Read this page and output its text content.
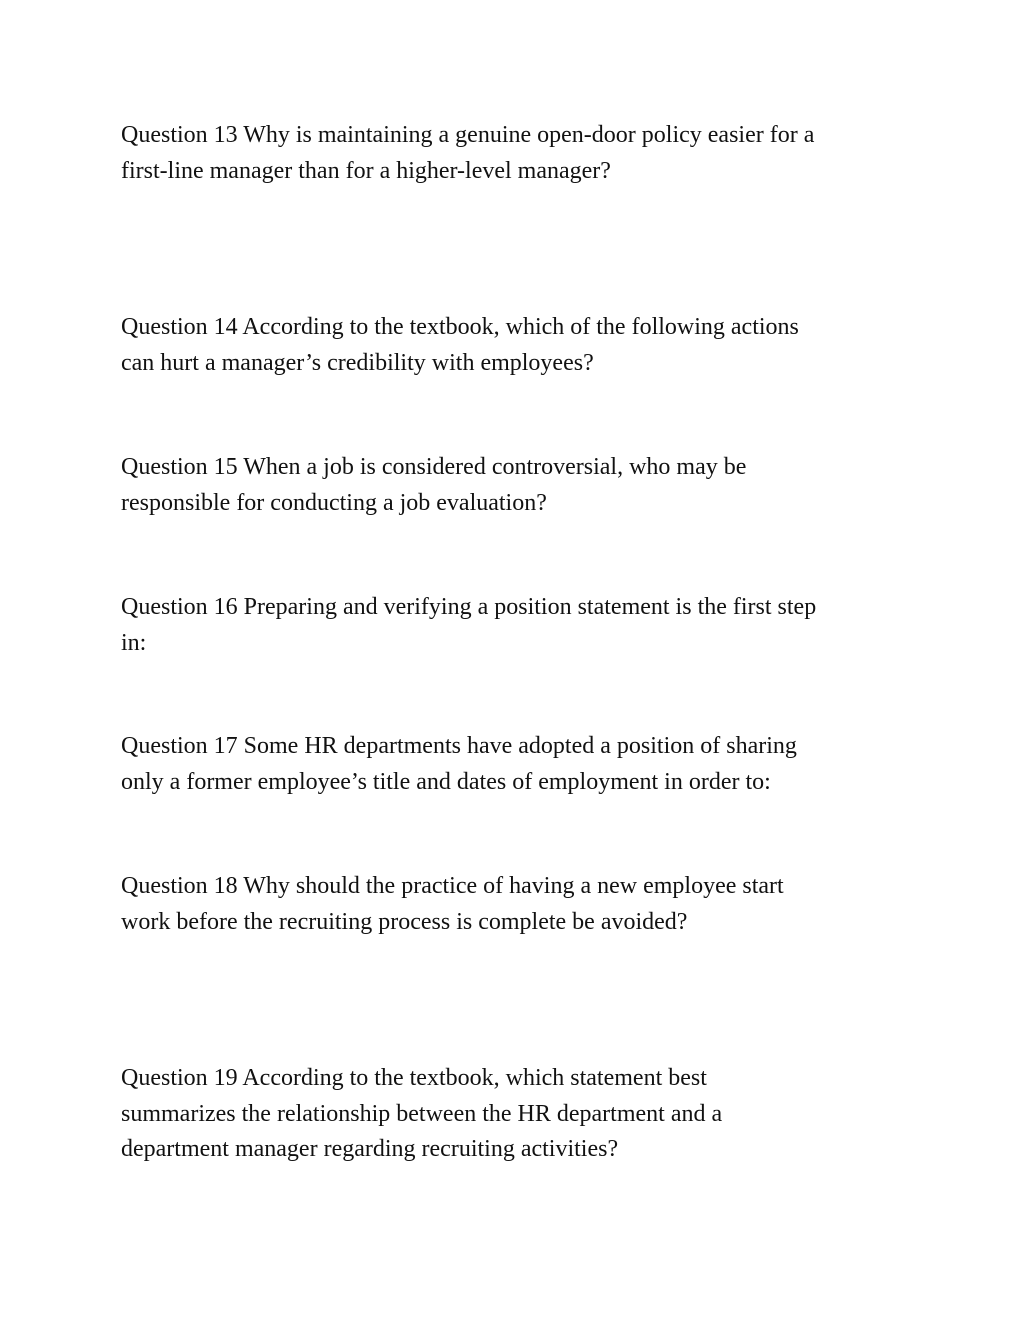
Question 13 Why is maintaining a genuine open-door policy easier for a
first-line manager than for a higher-level manager?

Question 14 According to the textbook, which of the following actions
can hurt a manager’s credibility with employees?

Question 15 When a job is considered controversial, who may be
responsible for conducting a job evaluation?

Question 16 Preparing and verifying a position statement is the first step
in:

Question 17 Some HR departments have adopted a position of sharing
only a former employee’s title and dates of employment in order to:

Question 18 Why should the practice of having a new employee start
work before the recruiting process is complete be avoided?

Question 19 According to the textbook, which statement best
summarizes the relationship between the HR department and a
department manager regarding recruiting activities?
